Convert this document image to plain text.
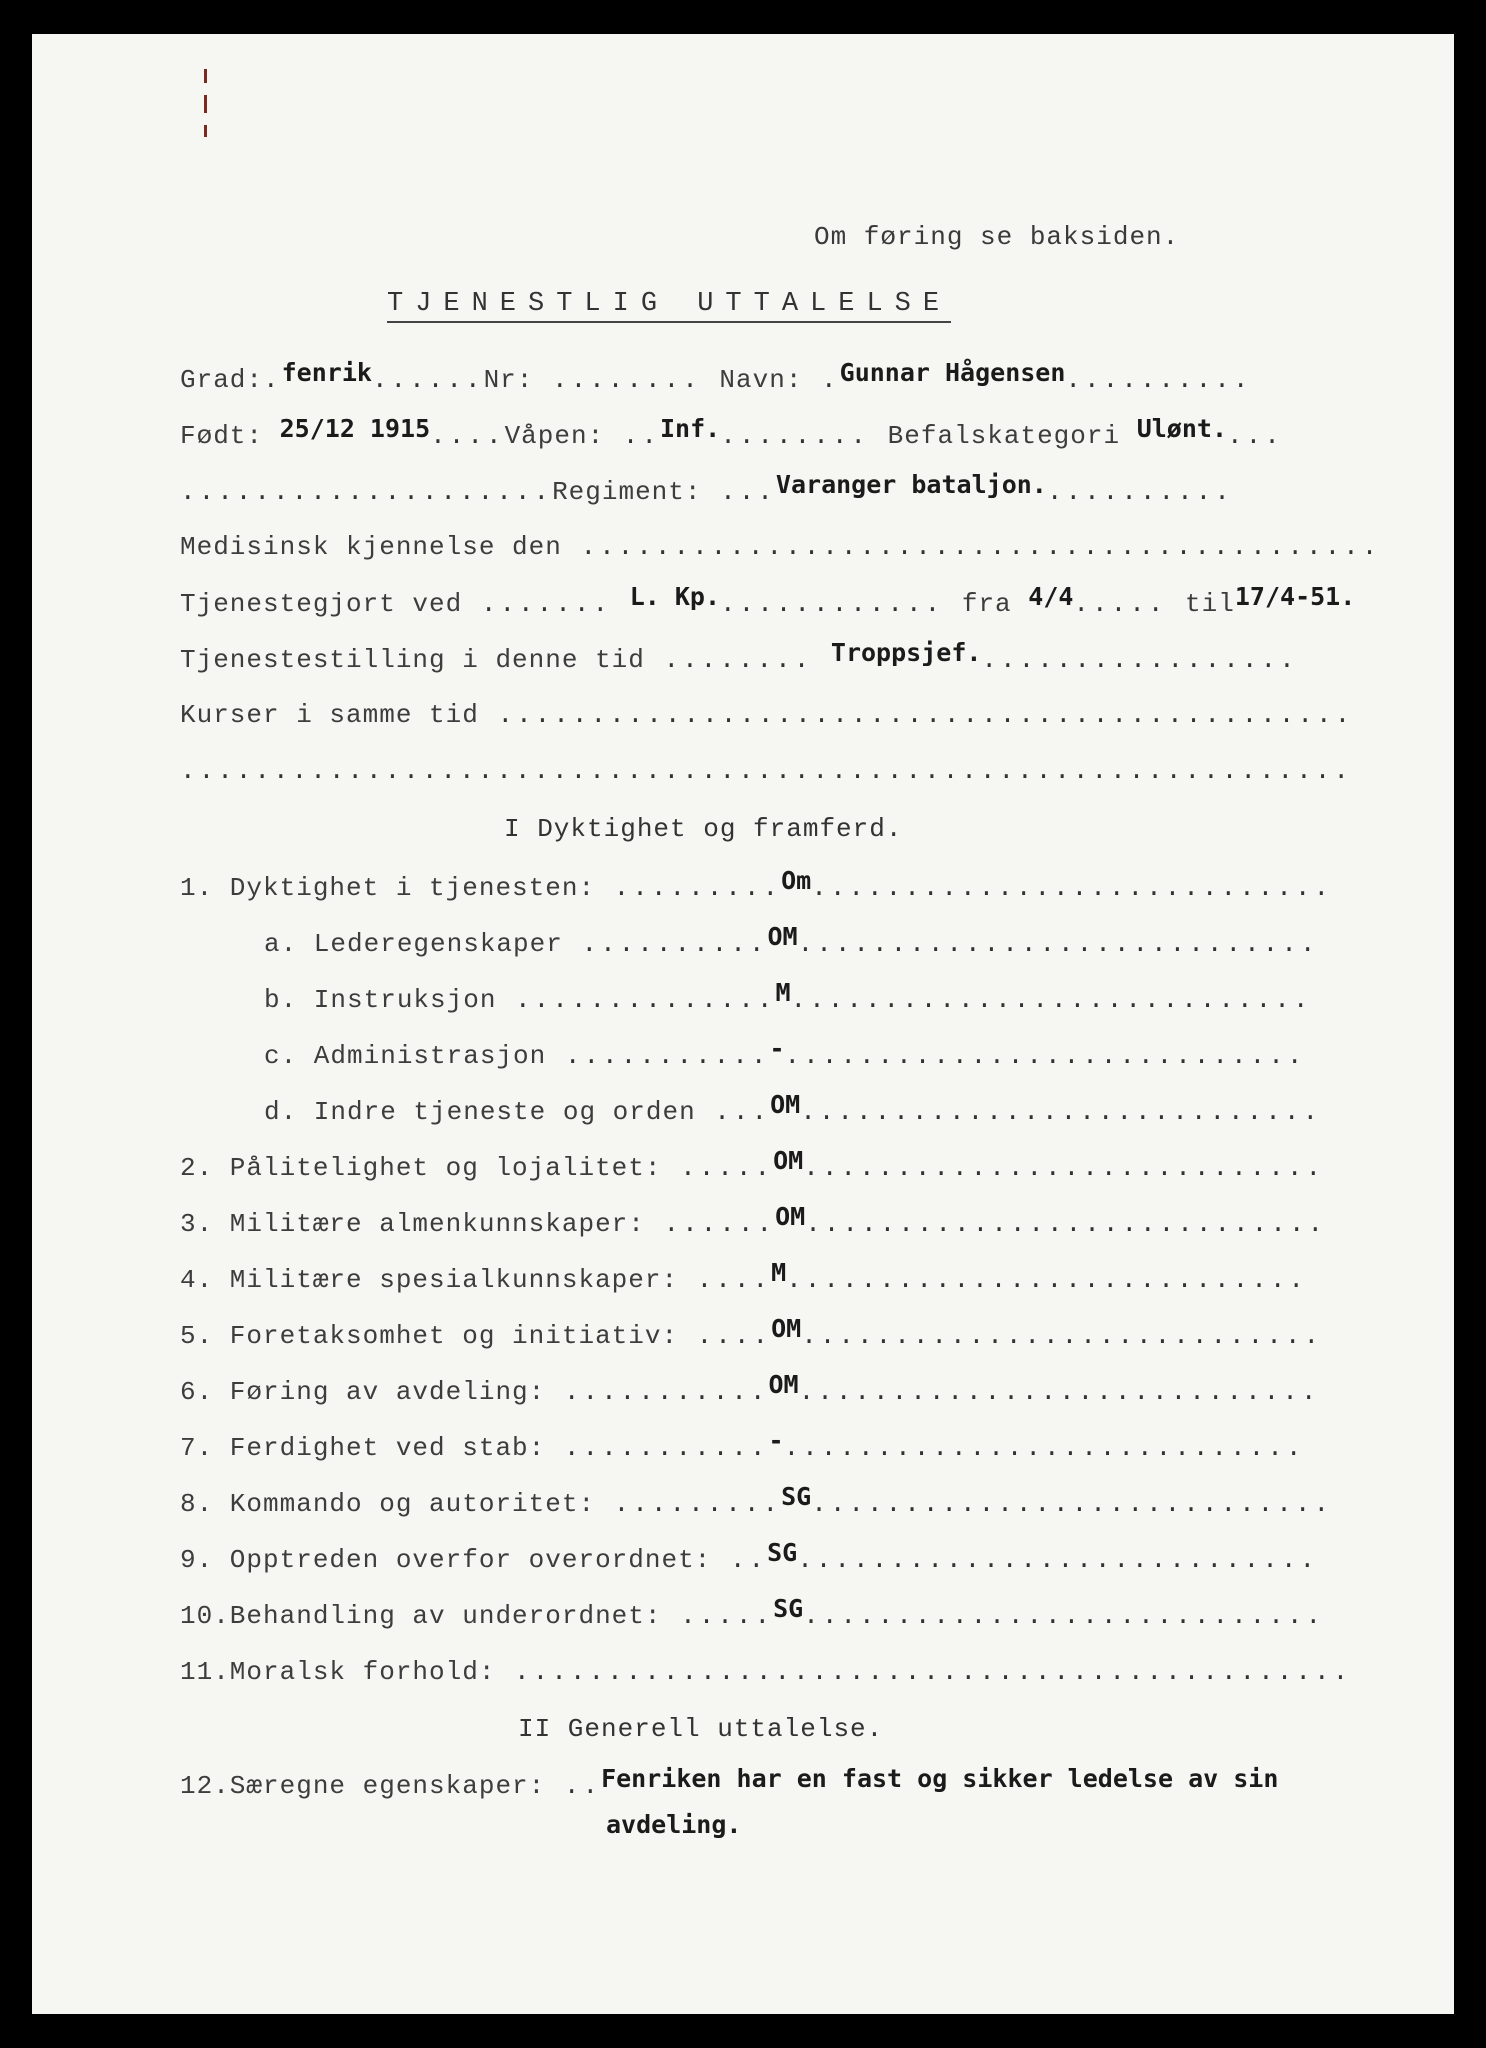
Om føring se baksiden.
TJENESTLIG UTTALELSE
Grad:.fenrik......Nr: ........ Navn: .Gunnar Hågensen..........
Født: 25/12 1915....Våpen: ..Inf......... Befalskategori Ulønt....
....................Regiment: ...Varanger bataljon...........
Medisinsk kjennelse den ...........................................
Tjenestegjort ved ....... L. Kp............. fra 4/4..... til17/4-51.
Tjenestestilling i denne tid ........ Troppsjef..................
Kurser i samme tid ..............................................
...............................................................
I Dyktighet og framferd.
1. Dyktighet i tjenesten: .........Om............................
a. Lederegenskaper ..........OM............................
b. Instruksjon ..............M............................
c. Administrasjon ...........-............................
d. Indre tjeneste og orden ...OM............................
2. Pålitelighet og lojalitet: .....OM............................
3. Militære almenkunnskaper: ......OM............................
4. Militære spesialkunnskaper: ....M............................
5. Foretaksomhet og initiativ: ....OM............................
6. Føring av avdeling: ...........OM............................
7. Ferdighet ved stab: ...........-............................
8. Kommando og autoritet: .........SG............................
9. Opptreden overfor overordnet: ..SG............................
10.Behandling av underordnet: .....SG............................
11.Moralsk forhold: .............................................
II Generell uttalelse.
12.Særegne egenskaper: ..Fenriken har en fast og sikker ledelse av sin
avdeling.
